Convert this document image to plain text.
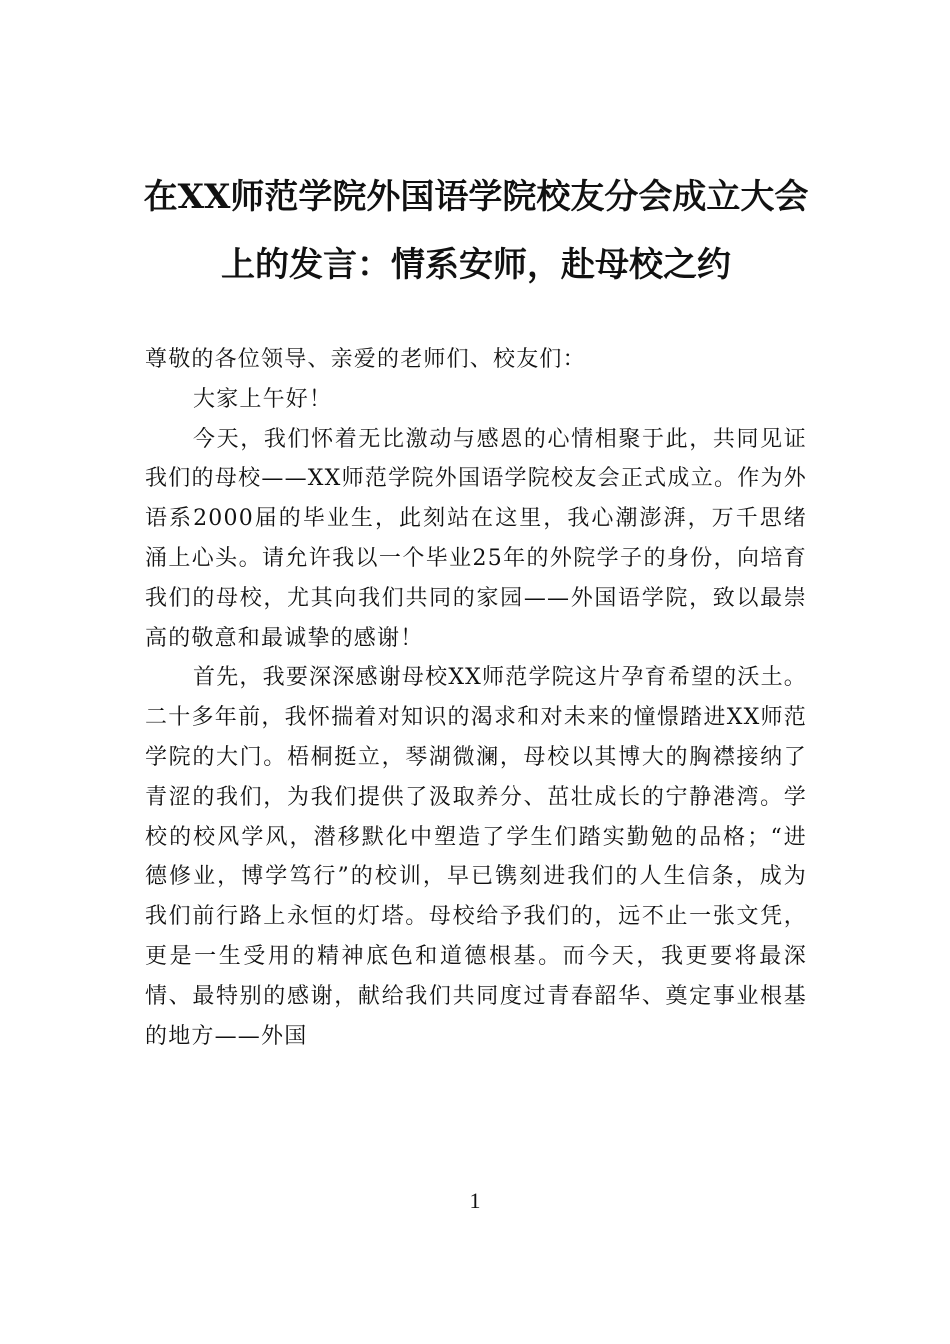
在XX师范学院外国语学院校友分会成立大会上的发言：情系安师，赴母校之约

尊敬的各位领导、亲爱的老师们、校友们：

大家上午好！

今天，我们怀着无比激动与感恩的心情相聚于此，共同见证我们的母校——XX师范学院外国语学院校友会正式成立。作为外语系2000届的毕业生，此刻站在这里，我心潮澎湃，万千思绪涌上心头。请允许我以一个毕业25年的外院学子的身份，向培育我们的母校，尤其向我们共同的家园——外国语学院，致以最崇高的敬意和最诚挚的感谢！

首先，我要深深感谢母校XX师范学院这片孕育希望的沃土。二十多年前，我怀揣着对知识的渴求和对未来的憧憬踏进XX师范学院的大门。梧桐挺立，琴湖微澜，母校以其博大的胸襟接纳了青涩的我们，为我们提供了汲取养分、茁壮成长的宁静港湾。学校的校风学风，潜移默化中塑造了学生们踏实勤勉的品格；“进德修业，博学笃行”的校训，早已镌刻进我们的人生信条，成为我们前行路上永恒的灯塔。母校给予我们的，远不止一张文凭，更是一生受用的精神底色和道德根基。而今天，我更要将最深情、最特别的感谢，献给我们共同度过青春韶华、奠定事业根基的地方——外国

1
